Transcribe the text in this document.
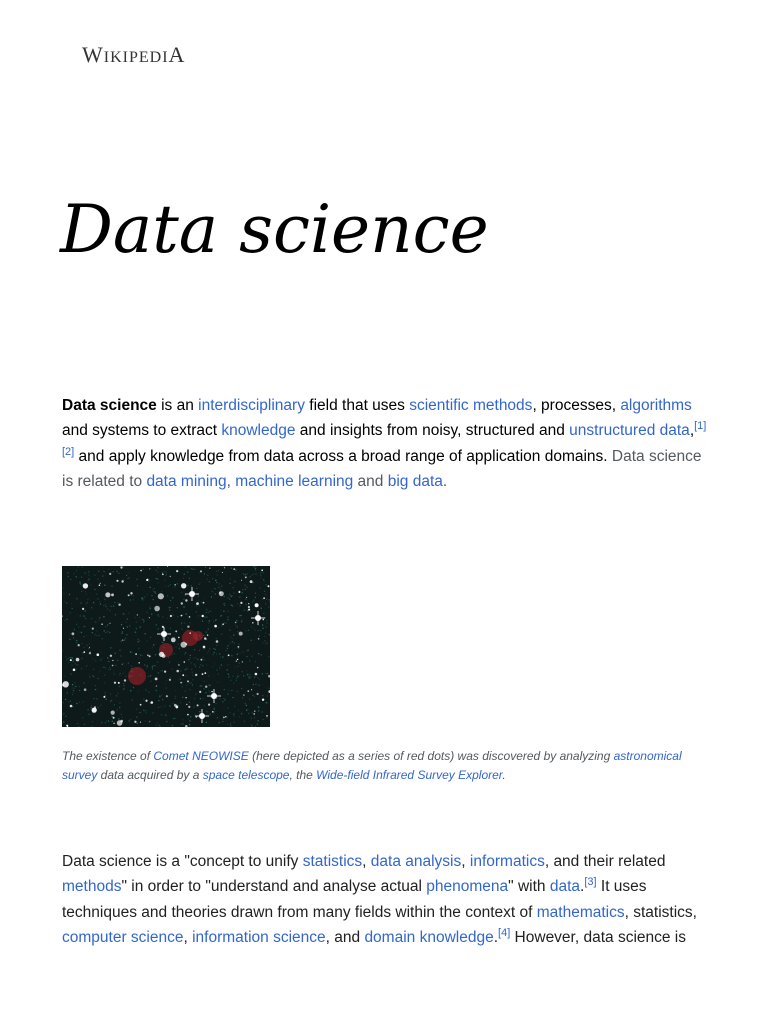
WIKIPEDIA
Data science

Data science is an interdisciplinary field that uses scientific methods, processes, algorithms and systems to extract knowledge and insights from noisy, structured and unstructured data,[1][2] and apply knowledge from data across a broad range of application domains. Data science is related to data mining, machine learning and big data.

The existence of Comet NEOWISE (here depicted as a series of red dots) was discovered by analyzing astronomical survey data acquired by a space telescope, the Wide-field Infrared Survey Explorer.

Data science is a "concept to unify statistics, data analysis, informatics, and their related methods" in order to "understand and analyse actual phenomena" with data.[3] It uses techniques and theories drawn from many fields within the context of mathematics, statistics, computer science, information science, and domain knowledge.[4] However, data science is
